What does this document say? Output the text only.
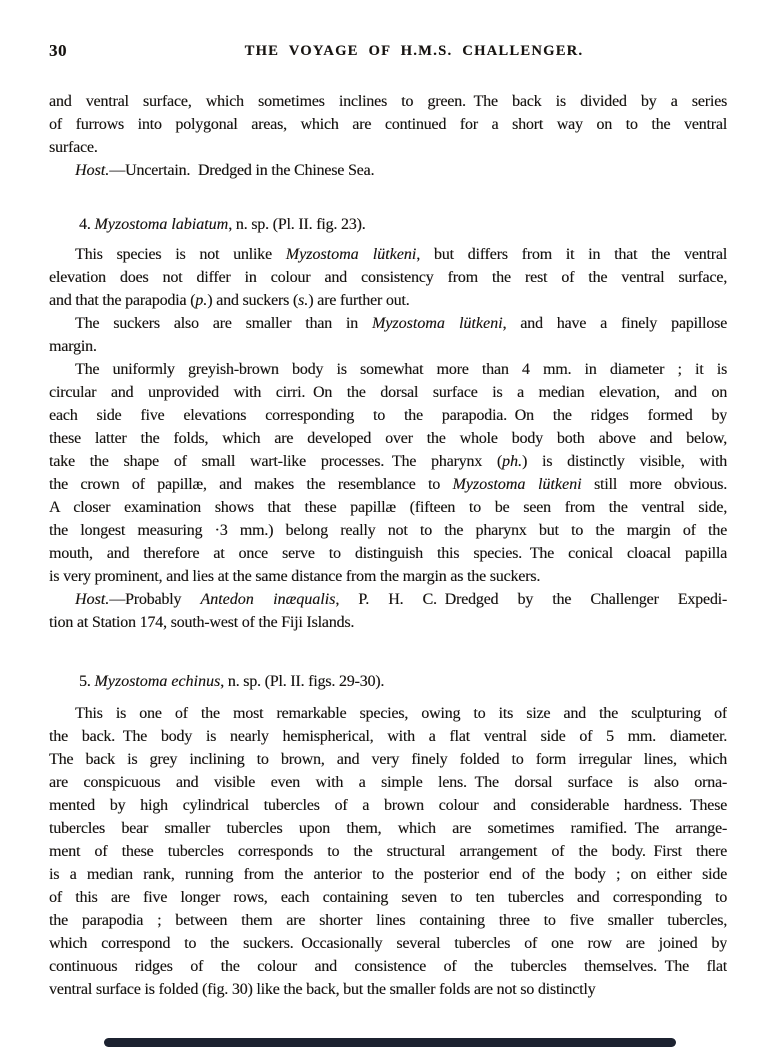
30	THE VOYAGE OF H.M.S. CHALLENGER.
and ventral surface, which sometimes inclines to green. The back is divided by a series
of furrows into polygonal areas, which are continued for a short way on to the ventral
surface.
Host.—Uncertain. Dredged in the Chinese Sea.
4. Myzostoma labiatum, n. sp. (Pl. II. fig. 23).
This species is not unlike Myzostoma lütkeni, but differs from it in that the ventral
elevation does not differ in colour and consistency from the rest of the ventral surface,
and that the parapodia (p.) and suckers (s.) are further out.
The suckers also are smaller than in Myzostoma lütkeni, and have a finely papillose
margin.
The uniformly greyish-brown body is somewhat more than 4 mm. in diameter ; it is
circular and unprovided with cirri. On the dorsal surface is a median elevation, and on
each side five elevations corresponding to the parapodia. On the ridges formed by
these latter the folds, which are developed over the whole body both above and below,
take the shape of small wart-like processes. The pharynx (ph.) is distinctly visible, with
the crown of papillæ, and makes the resemblance to Myzostoma lütkeni still more obvious.
A closer examination shows that these papillæ (fifteen to be seen from the ventral side,
the longest measuring ·3 mm.) belong really not to the pharynx but to the margin of the
mouth, and therefore at once serve to distinguish this species. The conical cloacal papilla
is very prominent, and lies at the same distance from the margin as the suckers.
Host.—Probably Antedon inæqualis, P. H. C. Dredged by the Challenger Expedi-
tion at Station 174, south-west of the Fiji Islands.
5. Myzostoma echinus, n. sp. (Pl. II. figs. 29-30).
This is one of the most remarkable species, owing to its size and the sculpturing of
the back. The body is nearly hemispherical, with a flat ventral side of 5 mm. diameter.
The back is grey inclining to brown, and very finely folded to form irregular lines, which
are conspicuous and visible even with a simple lens. The dorsal surface is also orna-
mented by high cylindrical tubercles of a brown colour and considerable hardness. These
tubercles bear smaller tubercles upon them, which are sometimes ramified. The arrange-
ment of these tubercles corresponds to the structural arrangement of the body. First there
is a median rank, running from the anterior to the posterior end of the body ; on either side
of this are five longer rows, each containing seven to ten tubercles and corresponding to
the parapodia ; between them are shorter lines containing three to five smaller tubercles,
which correspond to the suckers. Occasionally several tubercles of one row are joined by
continuous ridges of the colour and consistence of the tubercles themselves. The flat
ventral surface is folded (fig. 30) like the back, but the smaller folds are not so distinctly
